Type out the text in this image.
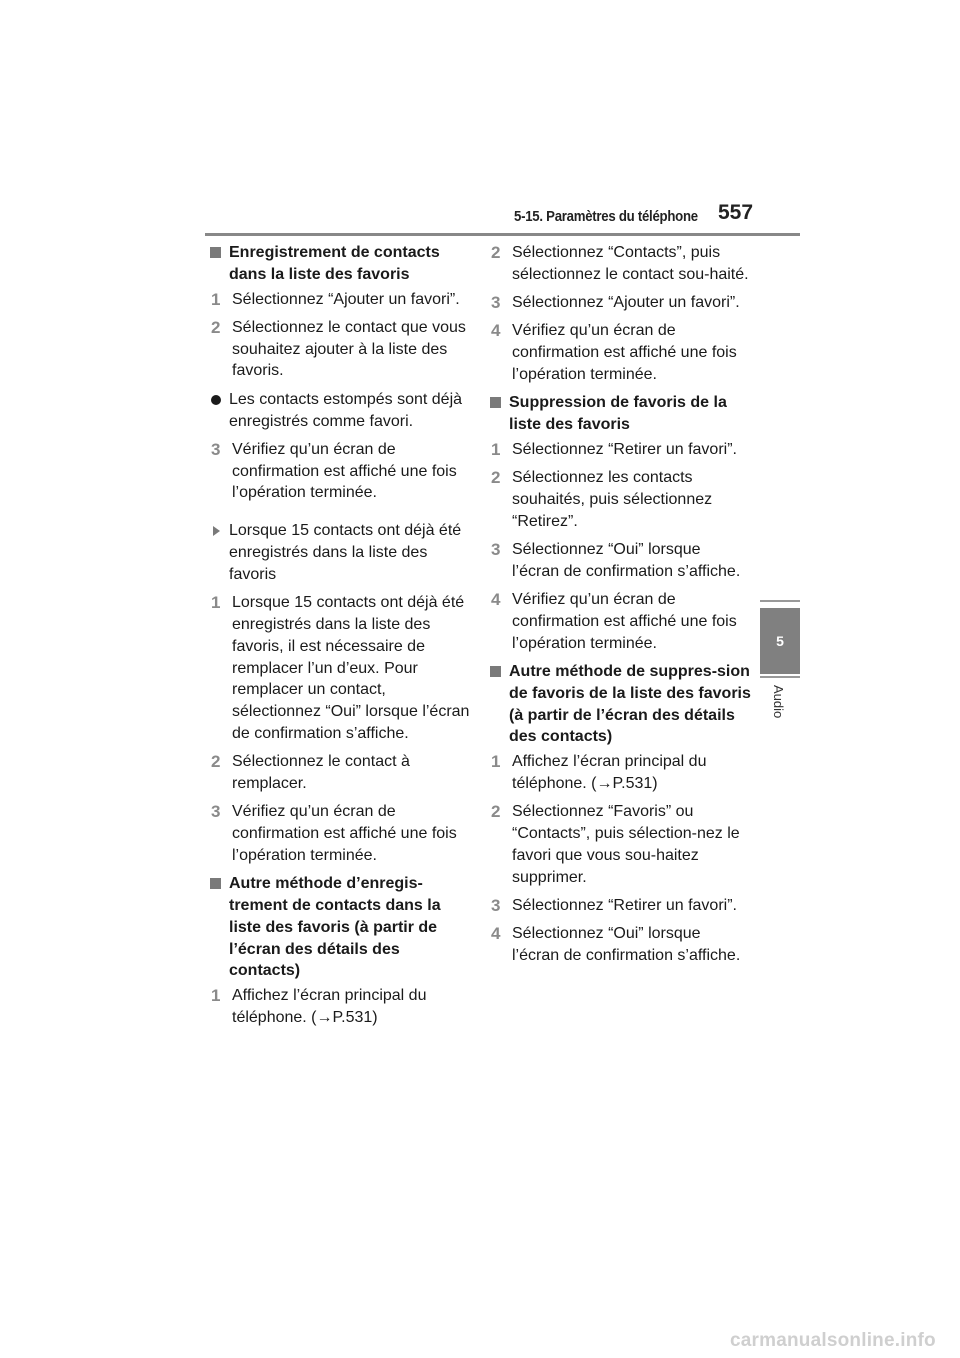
5-15. Paramètres du téléphone 557
5
Audio
Enregistrement de contacts dans la liste des favoris
1 Sélectionnez “Ajouter un favori”.
2 Sélectionnez le contact que vous souhaitez ajouter à la liste des favoris.
Les contacts estompés sont déjà enregistrés comme favori.
3 Vérifiez qu’un écran de confirmation est affiché une fois l’opération terminée.
Lorsque 15 contacts ont déjà été enregistrés dans la liste des favoris
1 Lorsque 15 contacts ont déjà été enregistrés dans la liste des favoris, il est nécessaire de remplacer l’un d’eux. Pour remplacer un contact, sélectionnez “Oui” lorsque l’écran de confirmation s’affiche.
2 Sélectionnez le contact à remplacer.
3 Vérifiez qu’un écran de confirmation est affiché une fois l’opération terminée.
Autre méthode d’enregis-trement de contacts dans la liste des favoris (à partir de l’écran des détails des contacts)
1 Affichez l’écran principal du téléphone. (→P.531)
2 Sélectionnez “Contacts”, puis sélectionnez le contact sou-haité.
3 Sélectionnez “Ajouter un favori”.
4 Vérifiez qu’un écran de confirmation est affiché une fois l’opération terminée.
Suppression de favoris de la liste des favoris
1 Sélectionnez “Retirer un favori”.
2 Sélectionnez les contacts souhaités, puis sélectionnez “Retirez”.
3 Sélectionnez “Oui” lorsque l’écran de confirmation s’affiche.
4 Vérifiez qu’un écran de confirmation est affiché une fois l’opération terminée.
Autre méthode de suppres-sion de favoris de la liste des favoris (à partir de l’écran des détails des contacts)
1 Affichez l’écran principal du téléphone. (→P.531)
2 Sélectionnez “Favoris” ou “Contacts”, puis sélection-nez le favori que vous sou-haitez supprimer.
3 Sélectionnez “Retirer un favori”.
4 Sélectionnez “Oui” lorsque l’écran de confirmation s’affiche.
carmanualsonline.info
